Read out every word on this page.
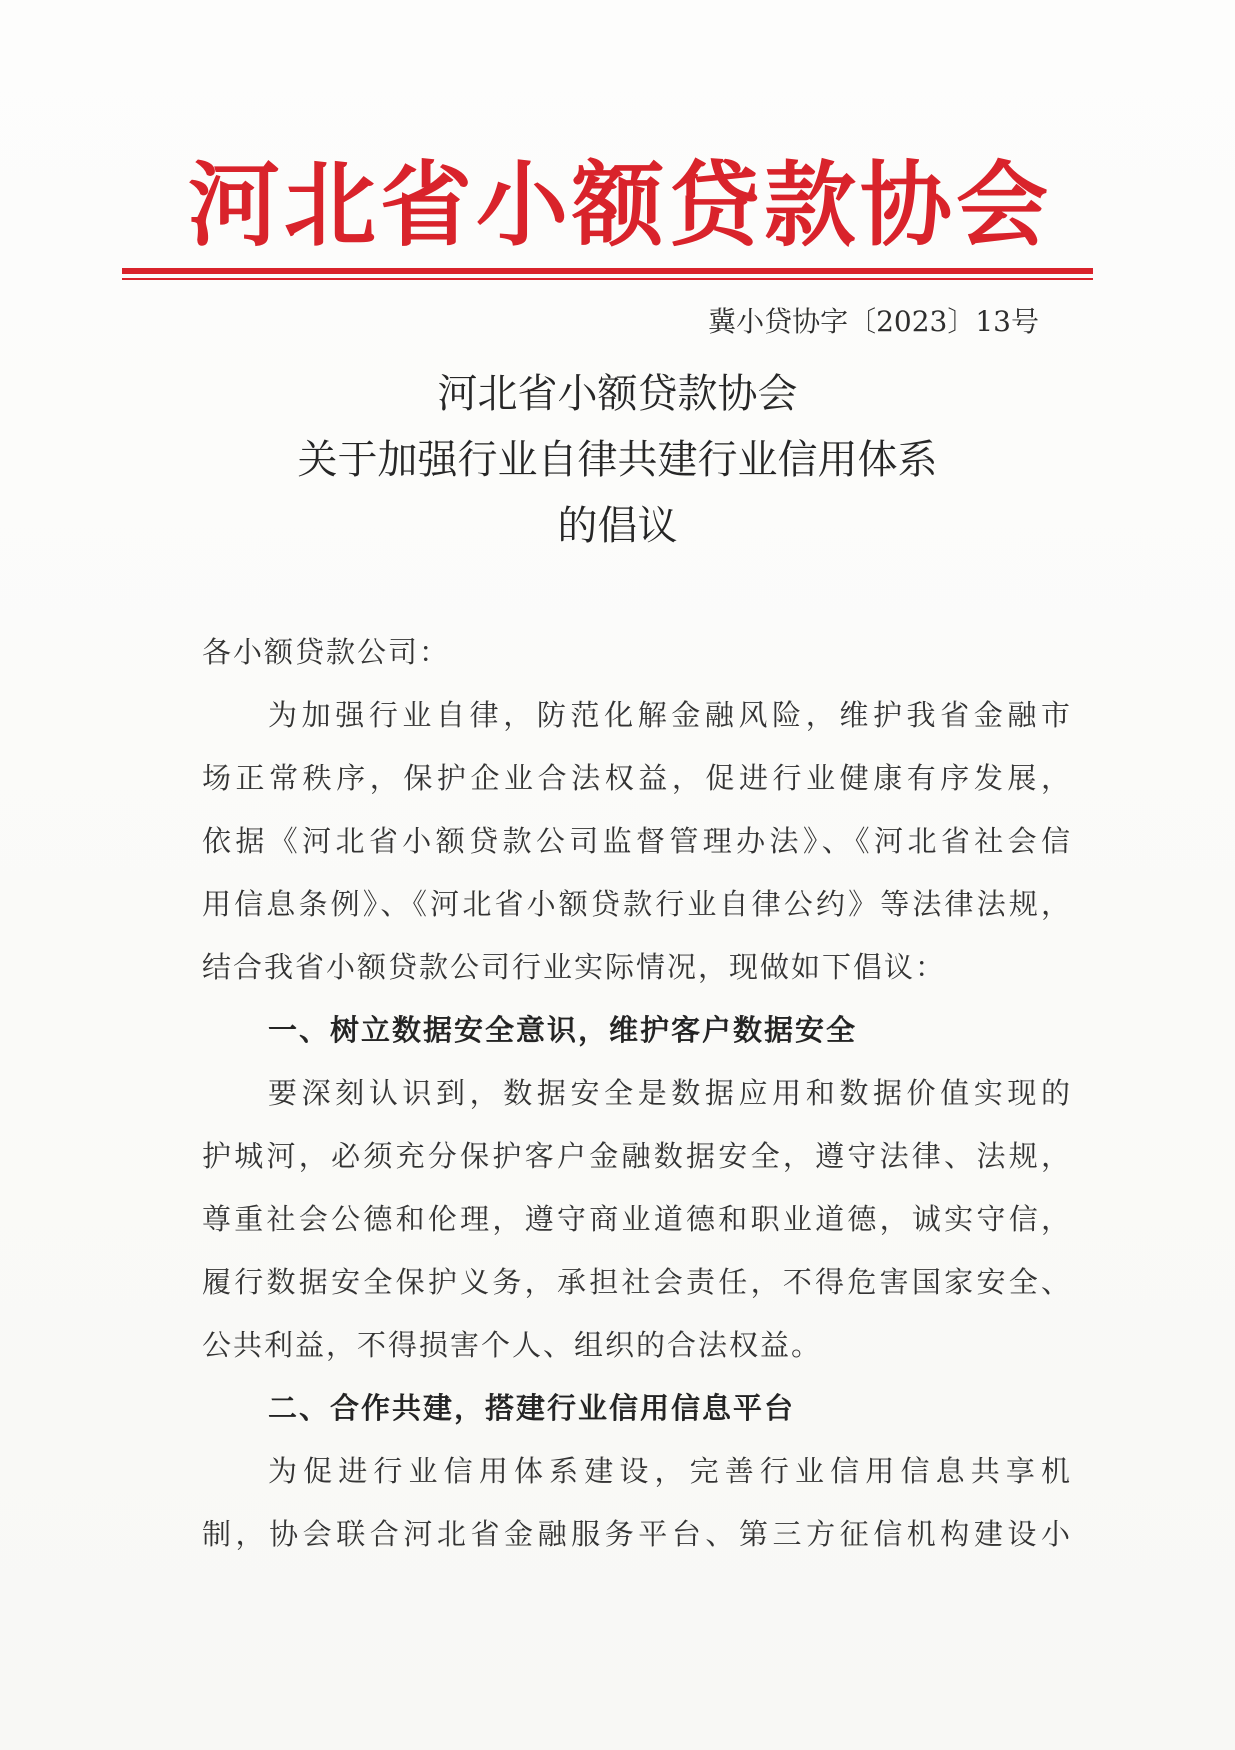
河北省小额贷款协会
冀小贷协字〔2023〕13号
河北省小额贷款协会
关于加强行业自律共建行业信用体系
的倡议
各小额贷款公司：
为加强行业自律，防范化解金融风险，维护我省金融市
场正常秩序，保护企业合法权益，促进行业健康有序发展，
依据《河北省小额贷款公司监督管理办法》、《河北省社会信
用信息条例》、《河北省小额贷款行业自律公约》等法律法规，
结合我省小额贷款公司行业实际情况，现做如下倡议：
一、树立数据安全意识，维护客户数据安全
要深刻认识到，数据安全是数据应用和数据价值实现的
护城河，必须充分保护客户金融数据安全，遵守法律、法规，
尊重社会公德和伦理，遵守商业道德和职业道德，诚实守信，
履行数据安全保护义务，承担社会责任，不得危害国家安全、
公共利益，不得损害个人、组织的合法权益。
二、合作共建，搭建行业信用信息平台
为促进行业信用体系建设，完善行业信用信息共享机
制，协会联合河北省金融服务平台、第三方征信机构建设小
